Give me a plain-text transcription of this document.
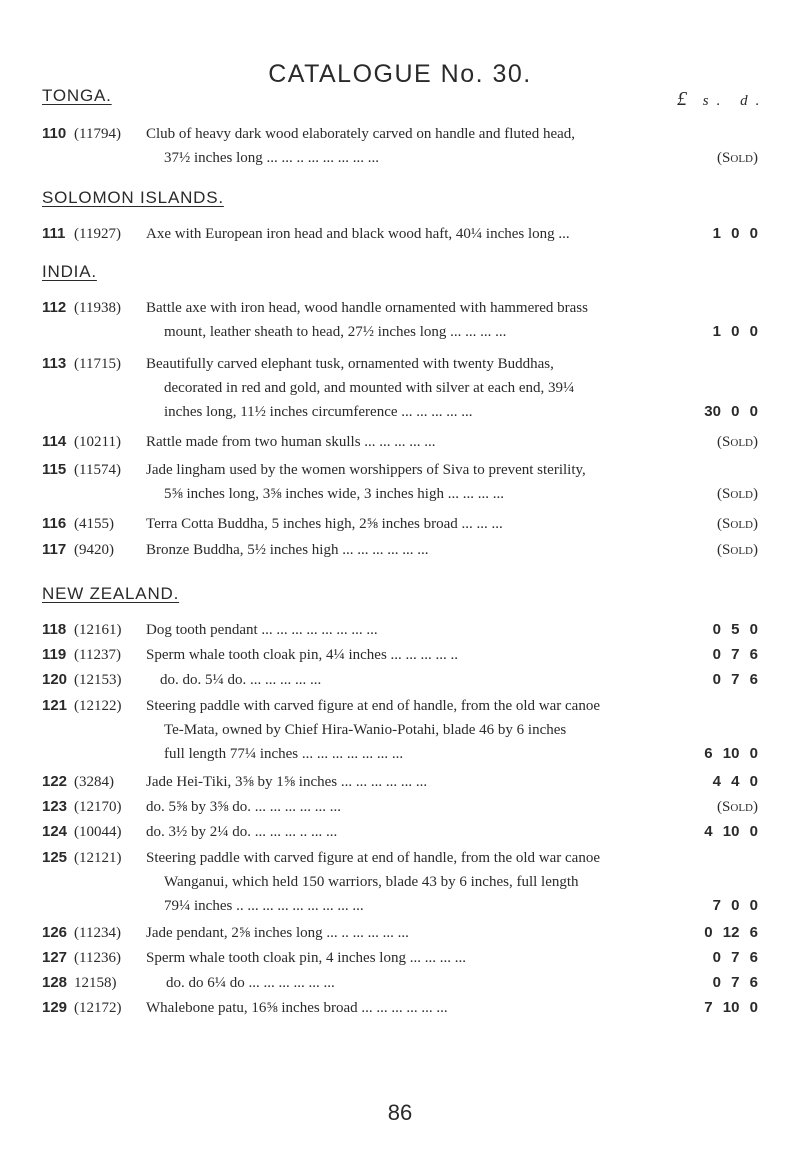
CATALOGUE No. 30.
TONGA.	£ s. d.
110 (11794) Club of heavy dark wood elaborately carved on handle and fluted head,
37½ inches long ... ... .. ... ... ... ... ...	(Sold)
SOLOMON ISLANDS.
111 (11927) Axe with European iron head and black wood haft, 40¼ inches long ...	1 0 0
INDIA.
112 (11938) Battle axe with iron head, wood handle ornamented with hammered brass
mount, leather sheath to head, 27½ inches long ... ... ... ...	1 0 0
113 (11715) Beautifully carved elephant tusk, ornamented with twenty Buddhas,
decorated in red and gold, and mounted with silver at each end, 39¼
inches long, 11½ inches circumference ... ... ... ... ...	30 0 0
114 (10211) Rattle made from two human skulls ... ... ... ... ...	(Sold)
115 (11574) Jade lingham used by the women worshippers of Siva to prevent sterility,
5⅝ inches long, 3⅝ inches wide, 3 inches high ... ... ... ...	(Sold)
116 (4155) Terra Cotta Buddha, 5 inches high, 2⅝ inches broad ... ... ...	(Sold)
117 (9420) Bronze Buddha, 5½ inches high ... ... ... ... ... ...	(Sold)
NEW ZEALAND.
118 (12161) Dog tooth pendant ... ... ... ... ... ... ... ...	0 5 0
119 (11237) Sperm whale tooth cloak pin, 4¼ inches ... ... ... ... ..	0 7 6
120 (12153)	do. do. 5¼ do. ... ... ... ... ...	0 7 6
121 (12122) Steering paddle with carved figure at end of handle, from the old war canoe
Te-Mata, owned by Chief Hira-Wanio-Potahi, blade 46 by 6 inches
full length 77¼ inches ... ... ... ... ... ... ...	6 10 0
122 (3284) Jade Hei-Tiki, 3⅝ by 1⅝ inches ... ... ... ... ... ...	4 4 0
123 (12170) do. 5⅝ by 3⅝ do. ... ... ... ... ... ...	(Sold)
124 (10044) do. 3½ by 2¼ do. ... ... ... .. ... ...	4 10 0
125 (12121) Steering paddle with carved figure at end of handle, from the old war canoe
Wanganui, which held 150 warriors, blade 43 by 6 inches, full length
79¼ inches .. ... ... ... ... ... ... ... ...	7 0 0
126 (11234) Jade pendant, 2⅝ inches long ... .. ... ... ... ...	0 12 6
127 (11236) Sperm whale tooth cloak pin, 4 inches long ... ... ... ...	0 7 6
128 12158)	do. do 6¼ do ... ... ... ... ... ...	0 7 6
129 (12172) Whalebone patu, 16⅝ inches broad ... ... ... ... ... ...	7 10 0
86
